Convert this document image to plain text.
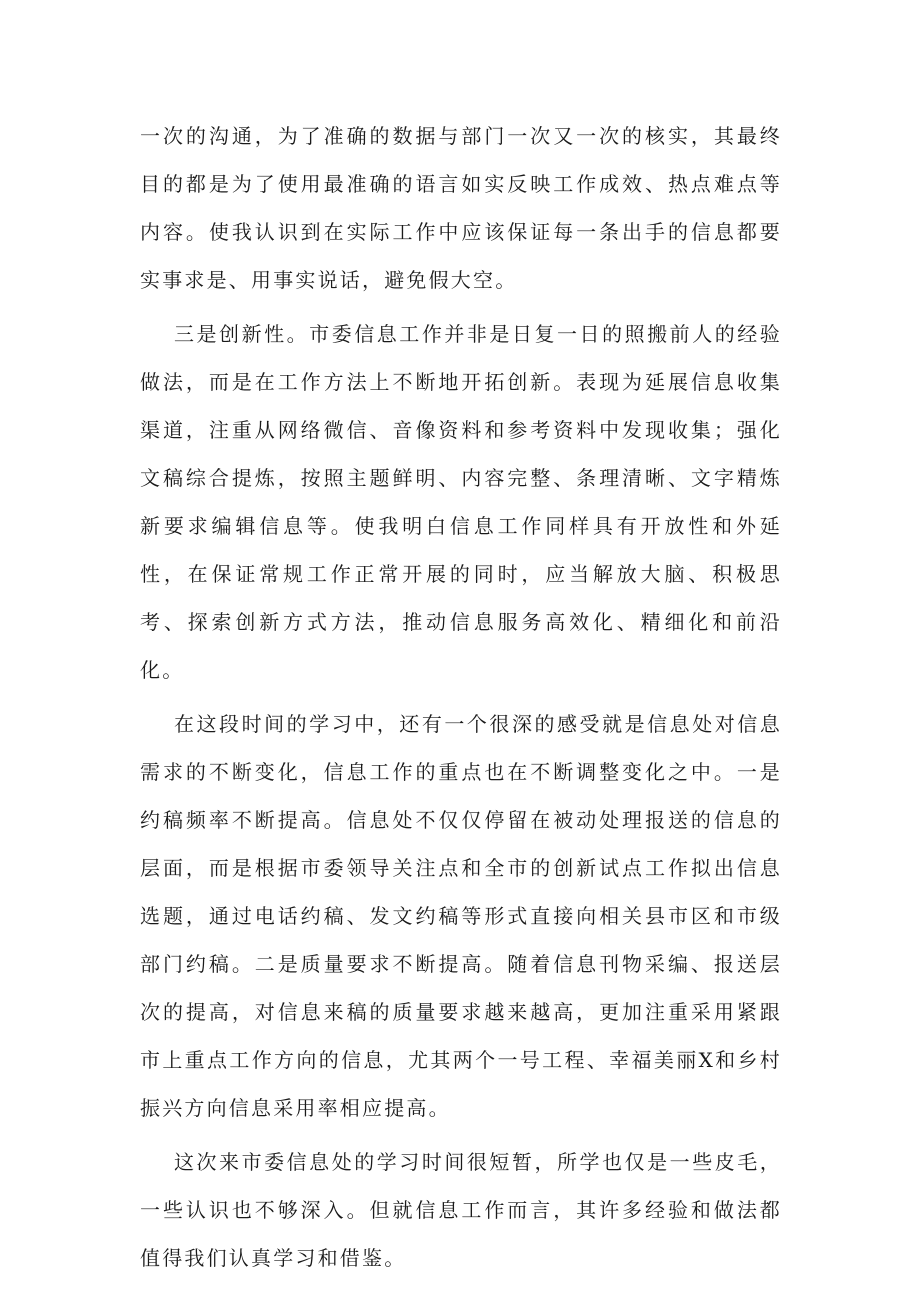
一次的沟通，为了准确的数据与部门一次又一次的核实，其最终目的都是为了使用最准确的语言如实反映工作成效、热点难点等内容。使我认识到在实际工作中应该保证每一条出手的信息都要实事求是、用事实说话，避免假大空。

三是创新性。市委信息工作并非是日复一日的照搬前人的经验做法，而是在工作方法上不断地开拓创新。表现为延展信息收集渠道，注重从网络微信、音像资料和参考资料中发现收集；强化文稿综合提炼，按照主题鲜明、内容完整、条理清晰、文字精炼新要求编辑信息等。使我明白信息工作同样具有开放性和外延性，在保证常规工作正常开展的同时，应当解放大脑、积极思考、探索创新方式方法，推动信息服务高效化、精细化和前沿化。

在这段时间的学习中，还有一个很深的感受就是信息处对信息需求的不断变化，信息工作的重点也在不断调整变化之中。一是约稿频率不断提高。信息处不仅仅停留在被动处理报送的信息的层面，而是根据市委领导关注点和全市的创新试点工作拟出信息选题，通过电话约稿、发文约稿等形式直接向相关县市区和市级部门约稿。二是质量要求不断提高。随着信息刊物采编、报送层次的提高，对信息来稿的质量要求越来越高，更加注重采用紧跟市上重点工作方向的信息，尤其两个一号工程、幸福美丽X和乡村振兴方向信息采用率相应提高。

这次来市委信息处的学习时间很短暂，所学也仅是一些皮毛，一些认识也不够深入。但就信息工作而言，其许多经验和做法都值得我们认真学习和借鉴。
